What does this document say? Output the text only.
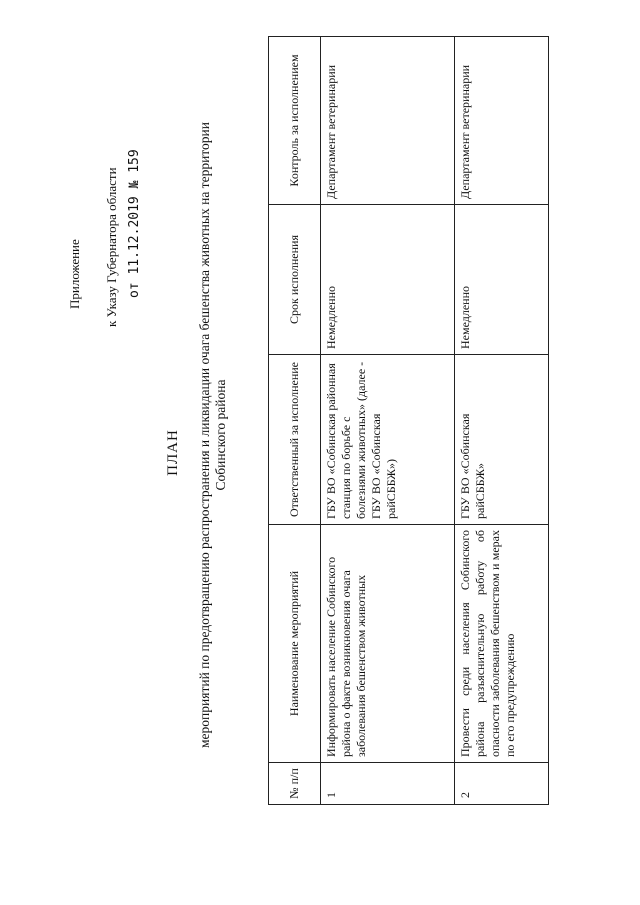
Приложение к Указу Губернатора области от 11.12.2019 № 159
ПЛАН мероприятий по предотвращению распространения и ликвидации очага бешенства животных на территории Собинского района
№ п/п	Наименование мероприятий	Ответственный за исполнение	Срок исполнения	Контроль за исполнением
1	Информировать население Собинского района о факте возникновения очага заболевания бешенством животных	ГБУ ВО «Собинская районная станция по борьбе с болезнями животных» (далее - ГБУ ВО «Собинская райСББЖ»)	Немедленно	Департамент ветеринарии
2	Провести среди населения Собинского района разъяснительную работу об опасности заболевания бешенством и мерах по его предупреждению	ГБУ ВО «Собинская райСББЖ»	Немедленно	Департамент ветеринарии
